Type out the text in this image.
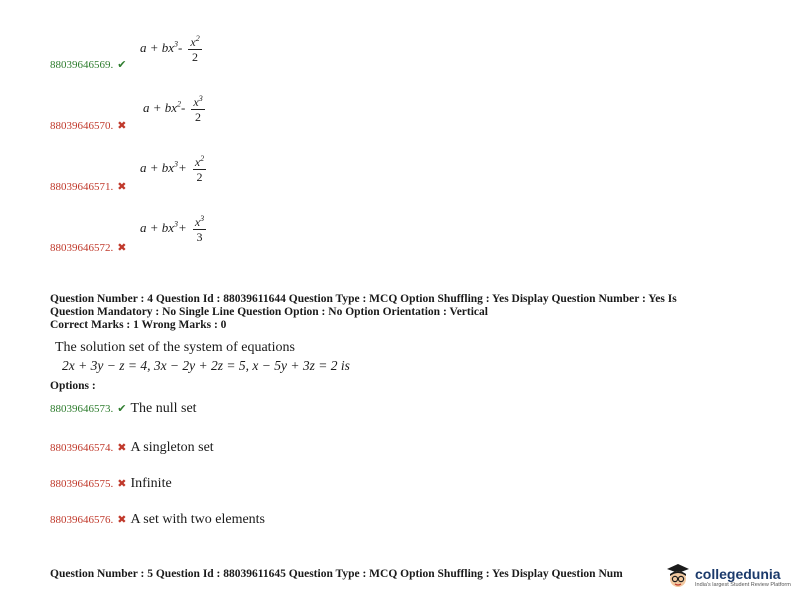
$a + bx^3- \frac{x^2}{2}$
88039646569. ✔
$a + bx^2- \frac{x^3}{2}$
88039646570. ✖
$a + bx^3+ \frac{x^2}{2}$
88039646571. ✖
$a + bx^3+ \frac{x^3}{3}$
88039646572. ✖
Question Number : 4 Question Id : 88039611644 Question Type : MCQ Option Shuffling : Yes Display Question Number : Yes Is
Question Mandatory : No Single Line Question Option : No Option Orientation : Vertical
Correct Marks : 1 Wrong Marks : 0
The solution set of the system of equations
2x + 3y − z = 4, 3x − 2y + 2z = 5, x − 5y + 3z = 2 is
Options :
88039646573. ✔ The null set
88039646574. ✖ A singleton set
88039646575. ✖ Infinite
88039646576. ✖ A set with two elements
Question Number : 5 Question Id : 88039611645 Question Type : MCQ Option Shuffling : Yes Display Question Num	collegedunia
India's largest Student Review Platform
